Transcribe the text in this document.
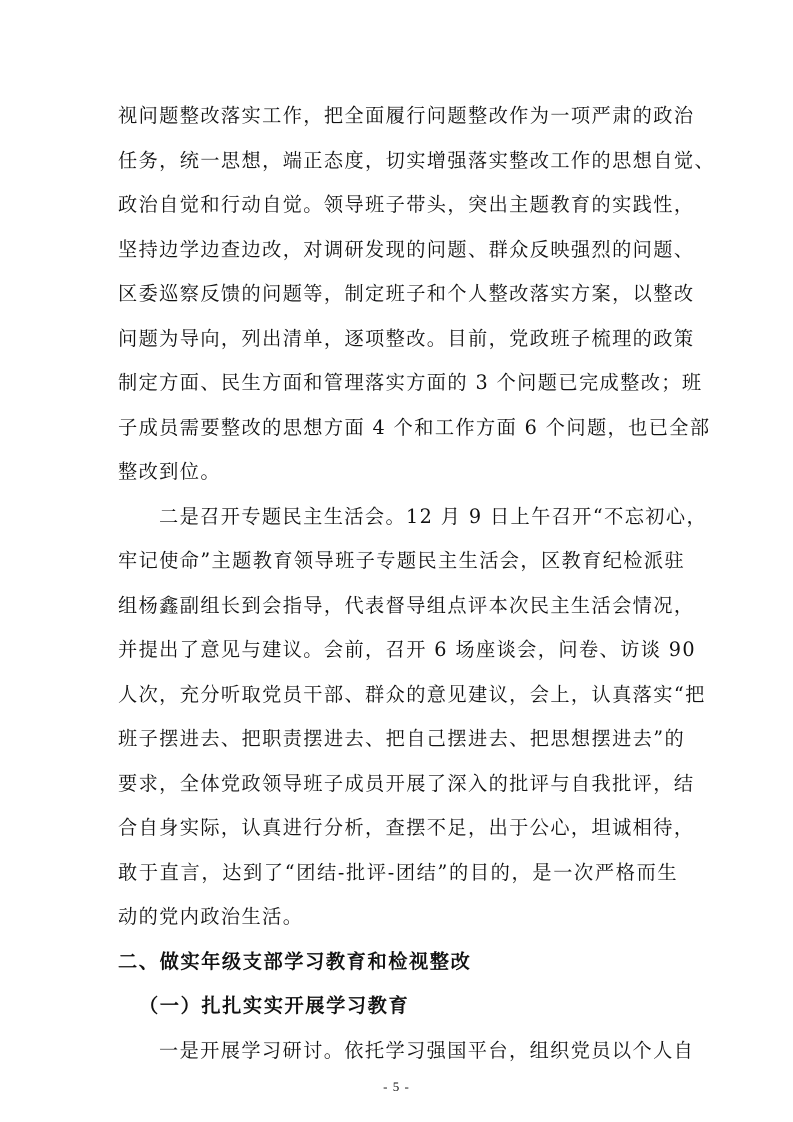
视问题整改落实工作，把全面履行问题整改作为一项严肃的政治
任务，统一思想，端正态度，切实增强落实整改工作的思想自觉、
政治自觉和行动自觉。领导班子带头，突出主题教育的实践性，
坚持边学边查边改，对调研发现的问题、群众反映强烈的问题、
区委巡察反馈的问题等，制定班子和个人整改落实方案，以整改
问题为导向，列出清单，逐项整改。目前，党政班子梳理的政策
制定方面、民生方面和管理落实方面的 3 个问题已完成整改；班
子成员需要整改的思想方面 4 个和工作方面 6 个问题，也已全部
整改到位。
二是召开专题民主生活会。12 月 9 日上午召开“不忘初心，
牢记使命”主题教育领导班子专题民主生活会，区教育纪检派驻
组杨鑫副组长到会指导，代表督导组点评本次民主生活会情况，
并提出了意见与建议。会前，召开 6 场座谈会，问卷、访谈 90
人次，充分听取党员干部、群众的意见建议，会上，认真落实“把
班子摆进去、把职责摆进去、把自己摆进去、把思想摆进去”的
要求，全体党政领导班子成员开展了深入的批评与自我批评，结
合自身实际，认真进行分析，查摆不足，出于公心，坦诚相待，
敢于直言，达到了“团结-批评-团结”的目的，是一次严格而生
动的党内政治生活。
二、做实年级支部学习教育和检视整改
（一）扎扎实实开展学习教育
一是开展学习研讨。依托学习强国平台，组织党员以个人自
- 5 -
